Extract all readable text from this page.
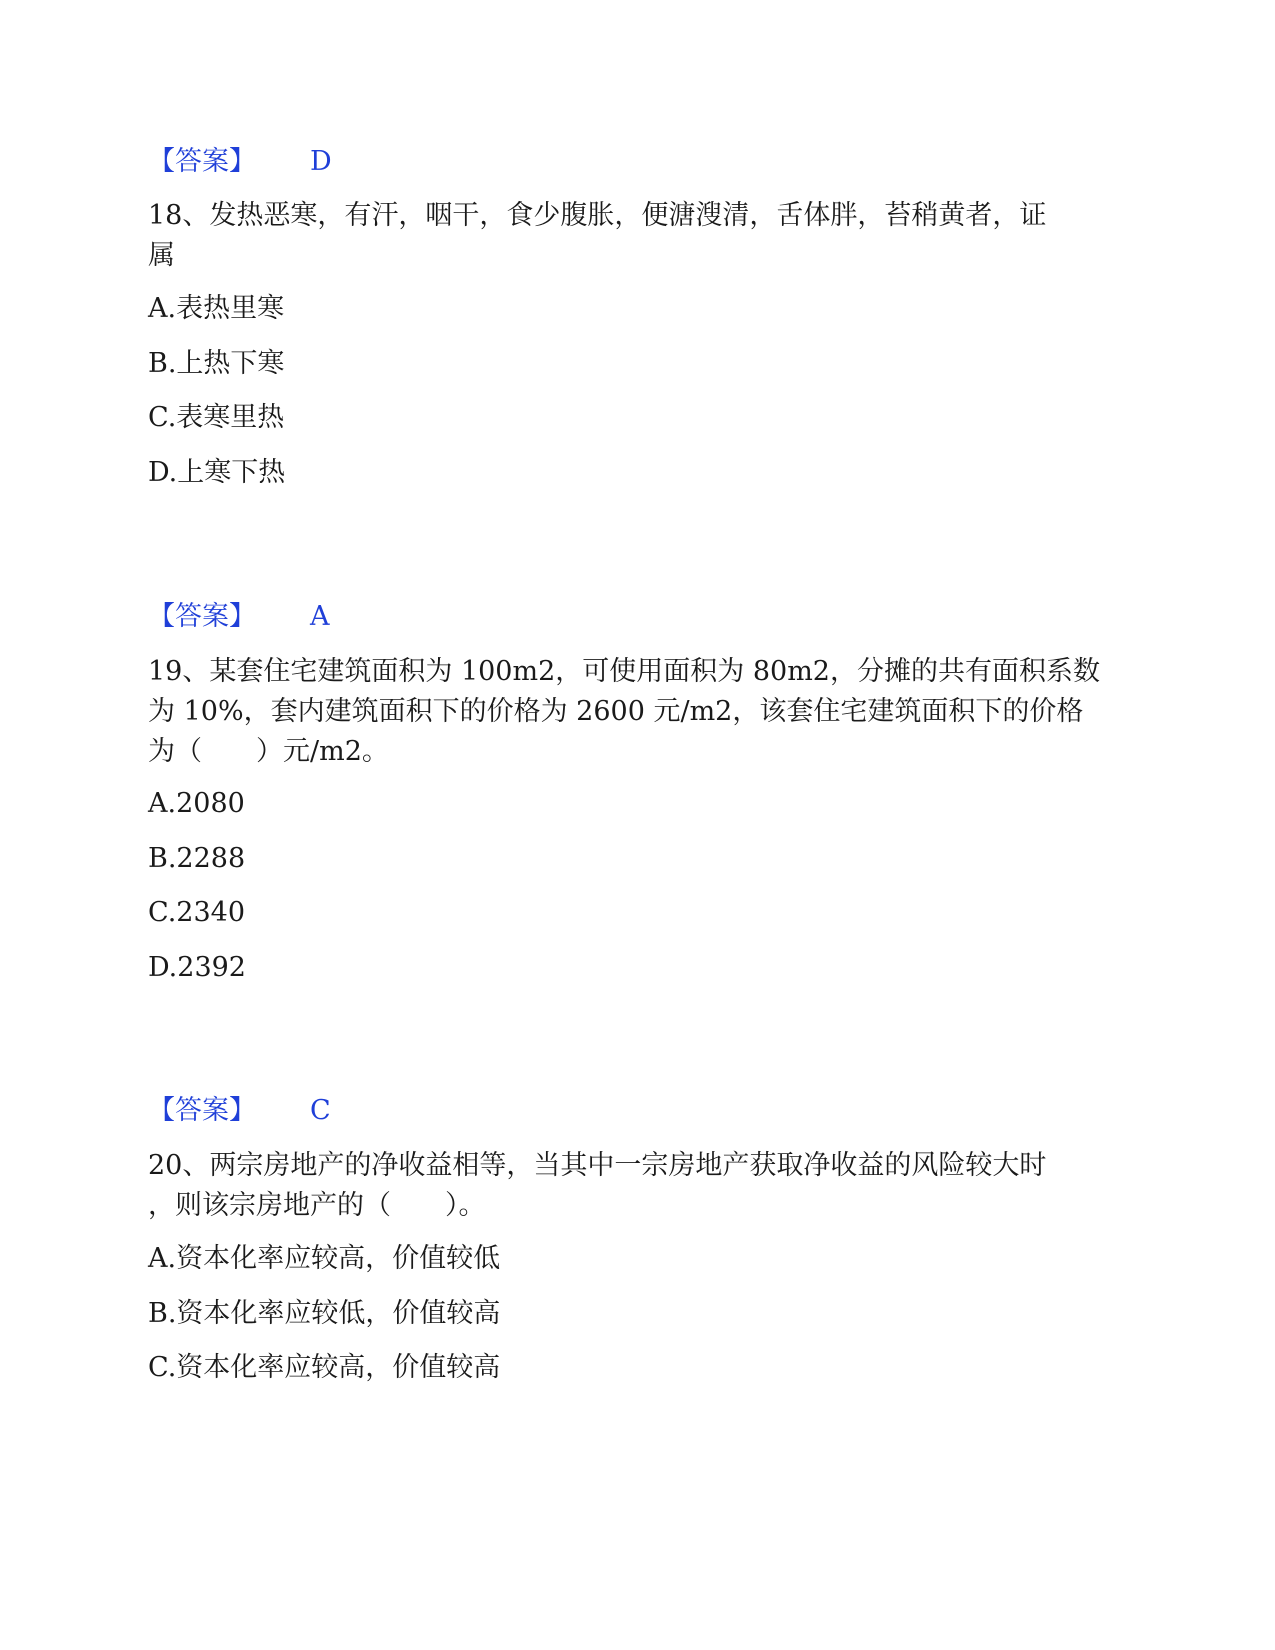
【答案】 D
18、发热恶寒，有汗，咽干，食少腹胀，便溏溲清，舌体胖，苔稍黄者，证
属
A.表热里寒
B.上热下寒
C.表寒里热
D.上寒下热
【答案】 A
19、某套住宅建筑面积为 100m2，可使用面积为 80m2，分摊的共有面积系数
为 10%，套内建筑面积下的价格为 2600 元/m2，该套住宅建筑面积下的价格
为（　　）元/m2。
A.2080
B.2288
C.2340
D.2392
【答案】 C
20、两宗房地产的净收益相等，当其中一宗房地产获取净收益的风险较大时
，则该宗房地产的（　　）。
A.资本化率应较高，价值较低
B.资本化率应较低，价值较高
C.资本化率应较高，价值较高
